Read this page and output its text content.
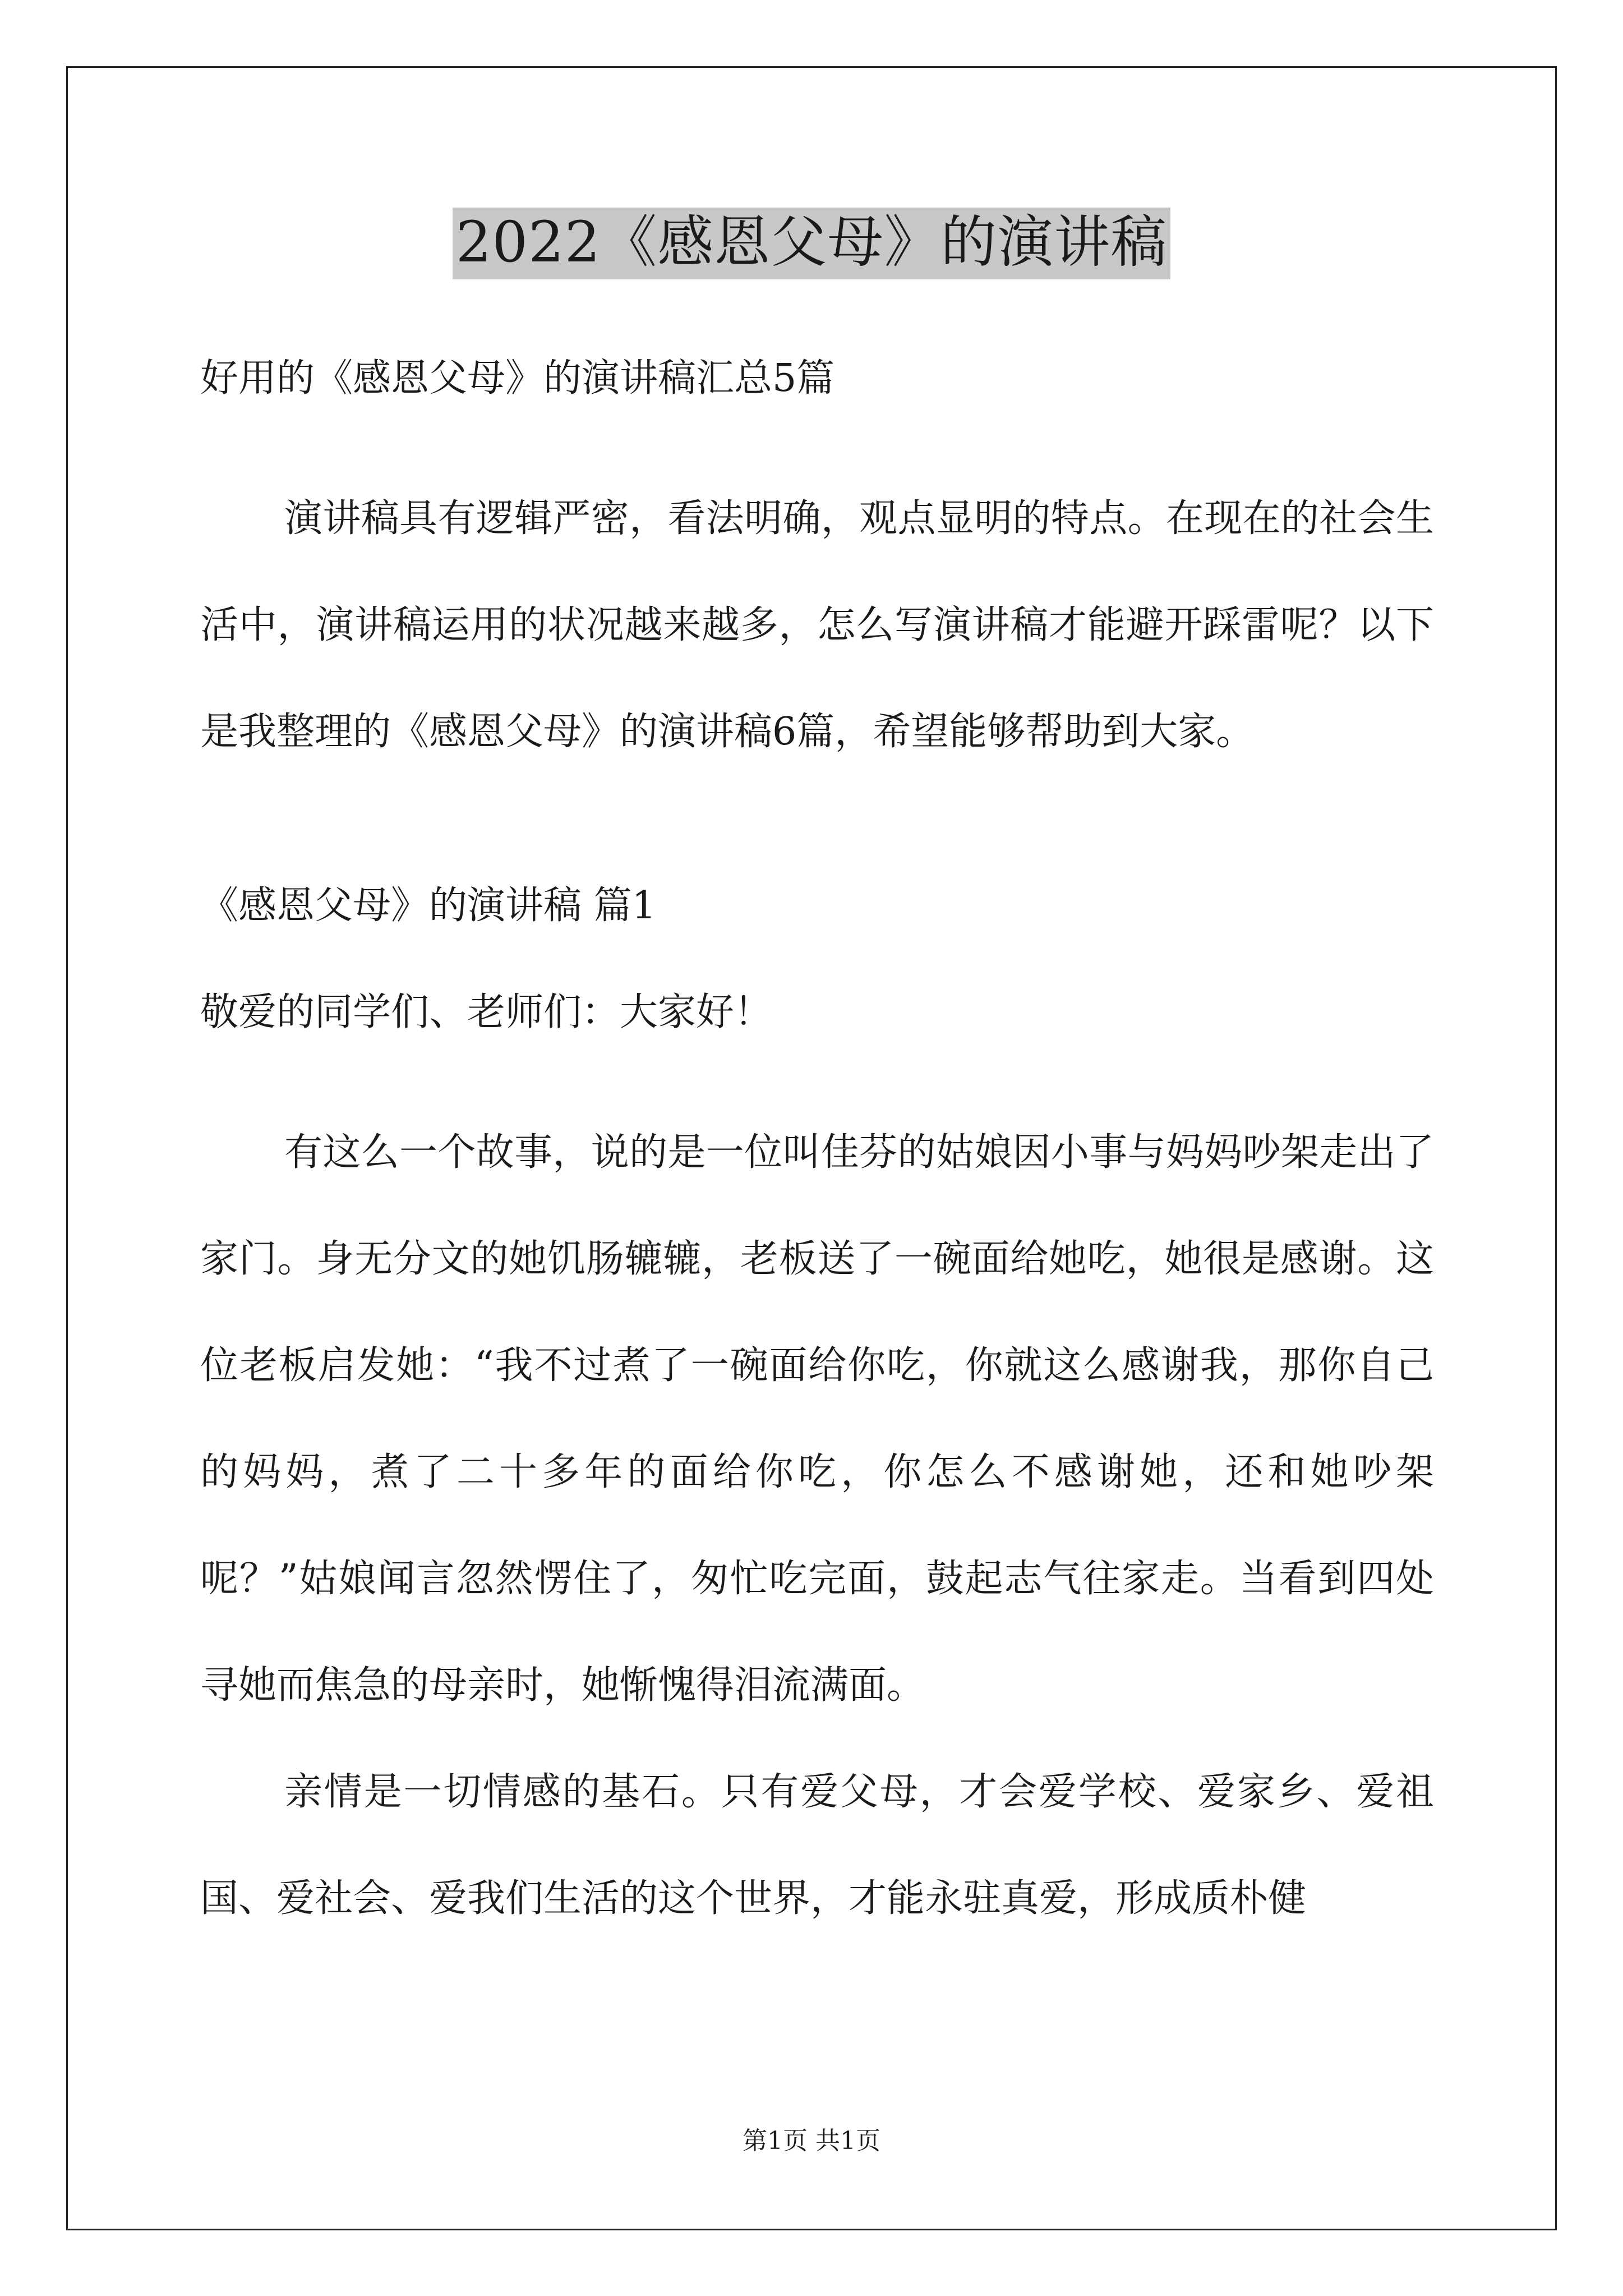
2022《感恩父母》的演讲稿
好用的《感恩父母》的演讲稿汇总5篇

演讲稿具有逻辑严密，看法明确，观点显明的特点。在现在的社会生活中，演讲稿运用的状况越来越多，怎么写演讲稿才能避开踩雷呢？以下是我整理的《感恩父母》的演讲稿6篇，希望能够帮助到大家。

《感恩父母》的演讲稿 篇1
敬爱的同学们、老师们：大家好！

有这么一个故事，说的是一位叫佳芬的姑娘因小事与妈妈吵架走出了家门。身无分文的她饥肠辘辘，老板送了一碗面给她吃，她很是感谢。这位老板启发她：“我不过煮了一碗面给你吃，你就这么感谢我，那你自己的妈妈，煮了二十多年的面给你吃，你怎么不感谢她，还和她吵架呢？”姑娘闻言忽然愣住了，匆忙吃完面，鼓起志气往家走。当看到四处寻她而焦急的母亲时，她惭愧得泪流满面。

亲情是一切情感的基石。只有爱父母，才会爱学校、爱家乡、爱祖国、爱社会、爱我们生活的这个世界，才能永驻真爱，形成质朴健

第1页 共1页
